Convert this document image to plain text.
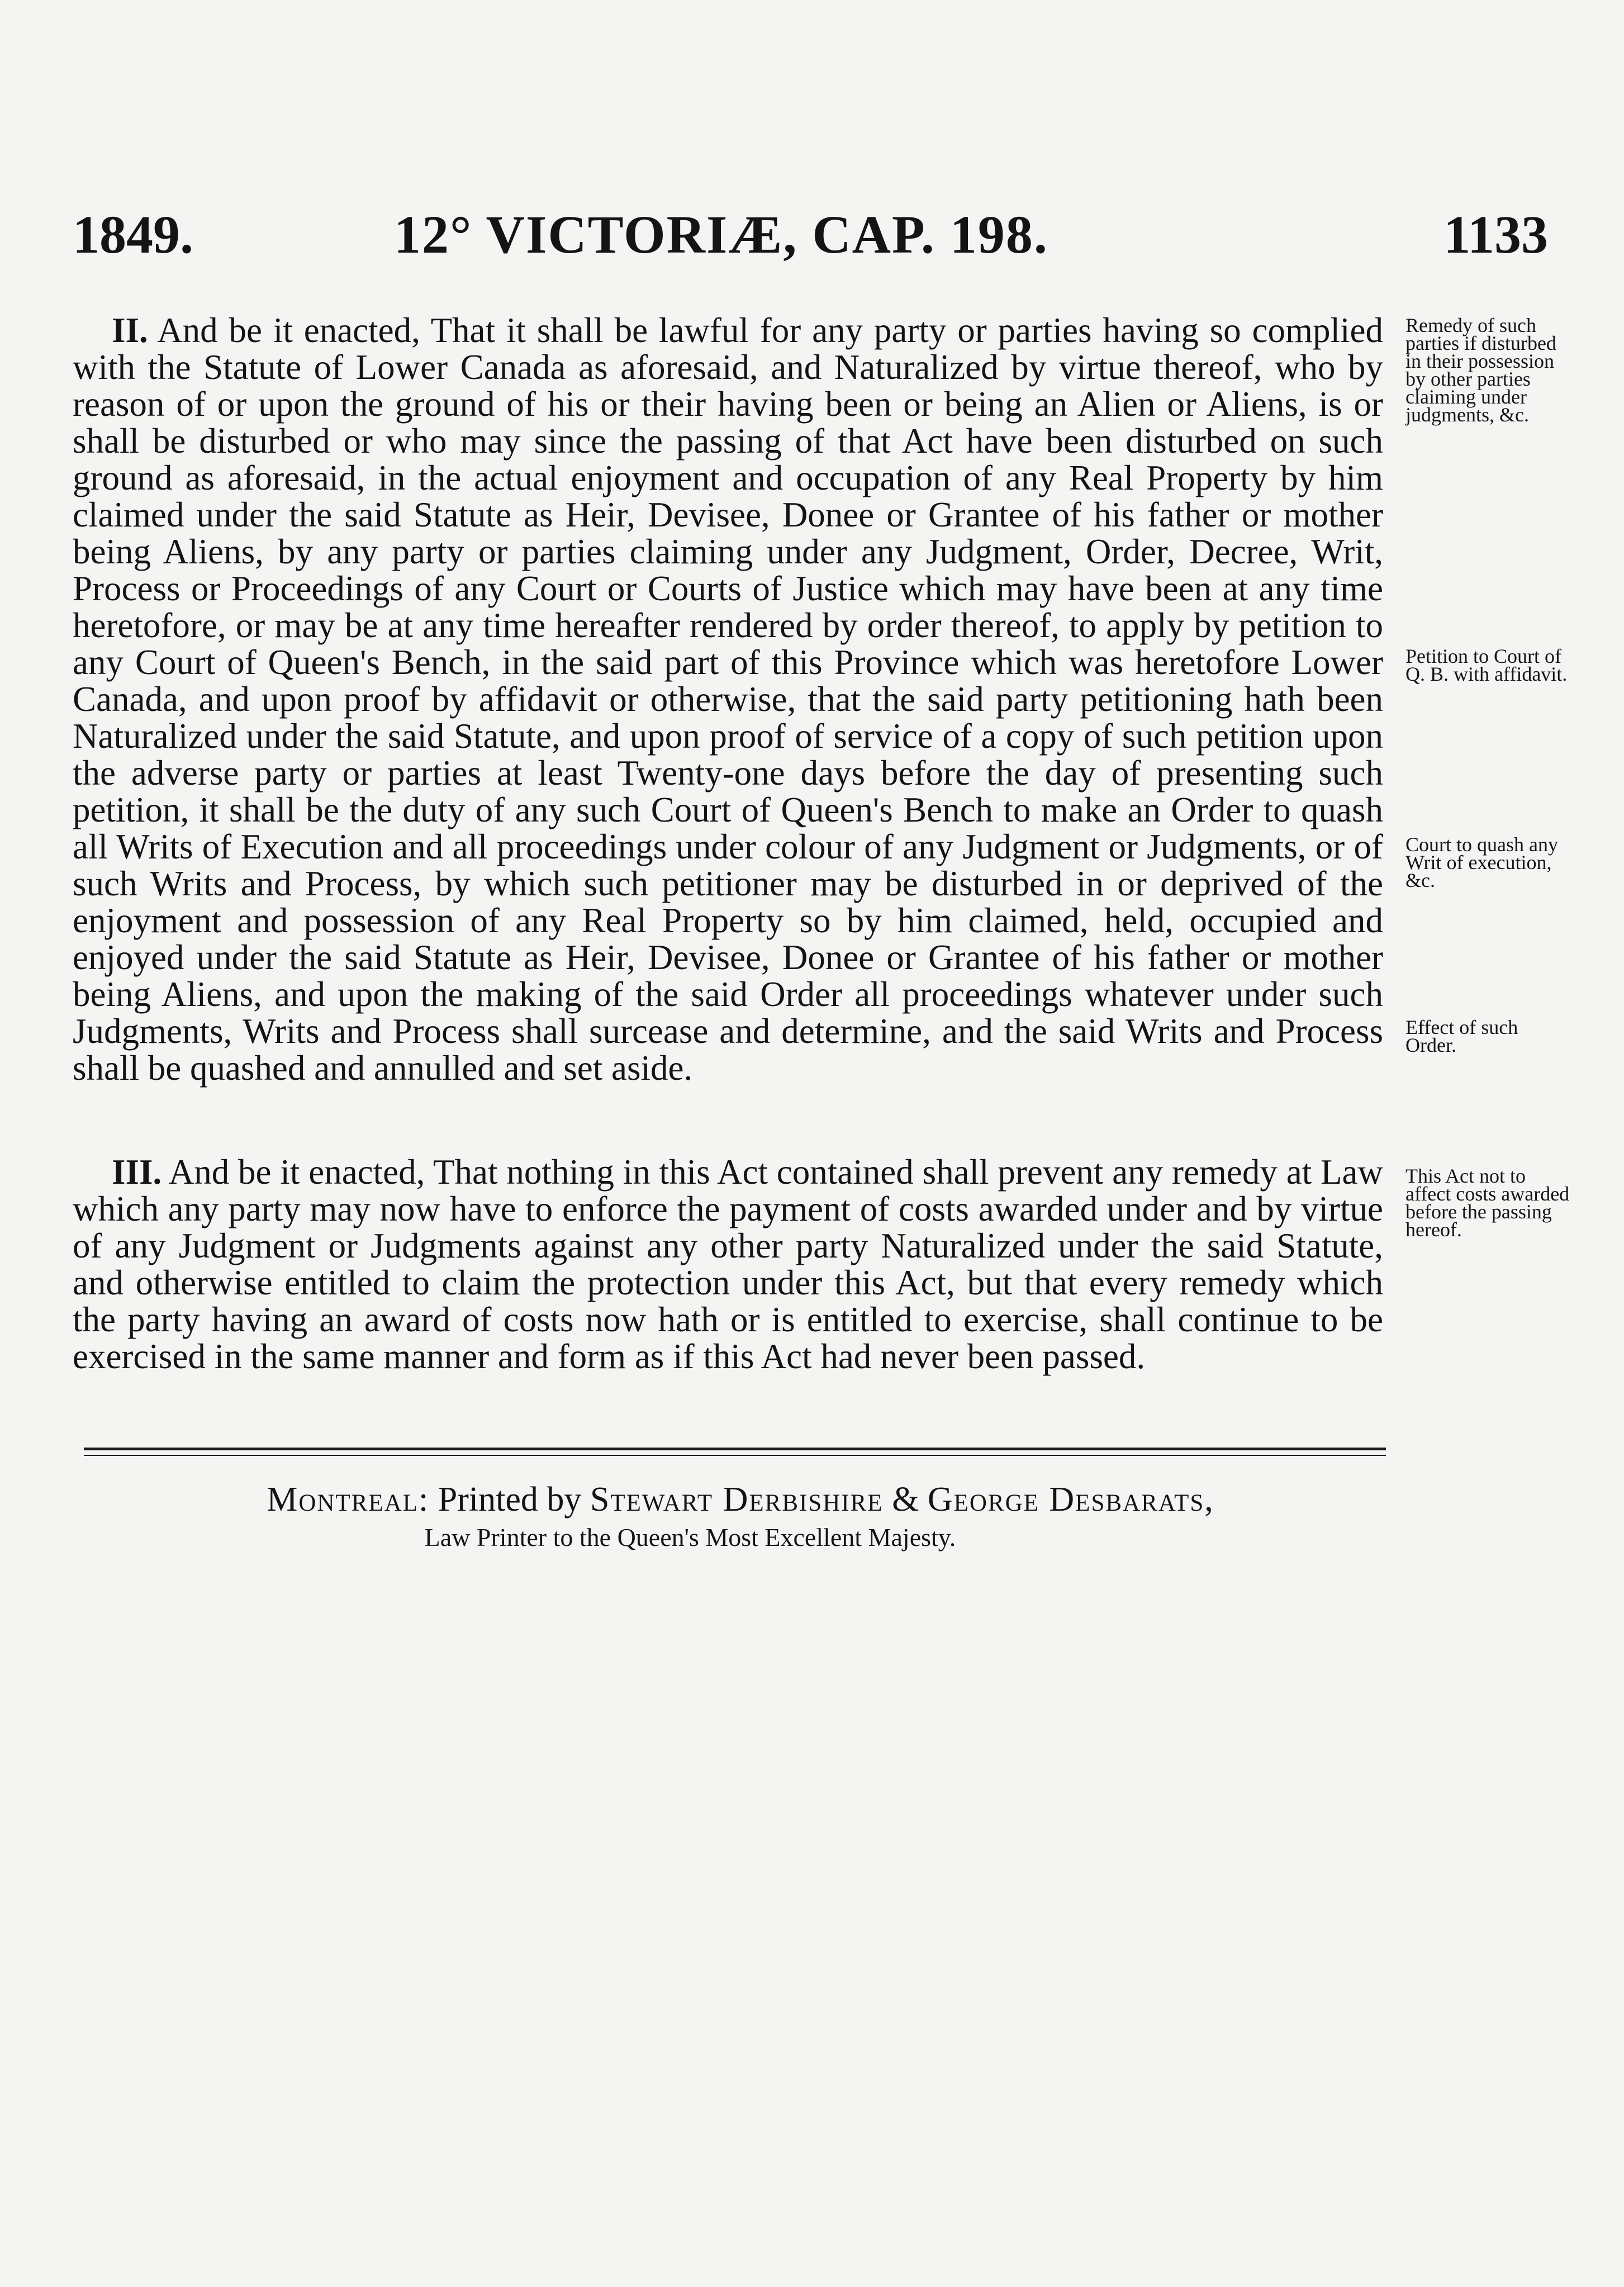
1849.	12° VICTORIÆ, CAP. 198.	1133

II. And be it enacted, That it shall be lawful for any party or parties having so complied with the Statute of Lower Canada as aforesaid, and Naturalized by virtue thereof, who by reason of or upon the ground of his or their having been or being an Alien or Aliens, is or shall be disturbed or who may since the passing of that Act have been disturbed on such ground as aforesaid, in the actual enjoyment and occupation of any Real Property by him claimed under the said Statute as Heir, Devisee, Donee or Grantee of his father or mother being Aliens, by any party or parties claiming under any Judgment, Order, Decree, Writ, Process or Proceedings of any Court or Courts of Justice which may have been at any time heretofore, or may be at any time hereafter rendered by order thereof, to apply by petition to any Court of Queen's Bench, in the said part of this Province which was heretofore Lower Canada, and upon proof by affidavit or otherwise, that the said party petitioning hath been Naturalized under the said Statute, and upon proof of service of a copy of such petition upon the adverse party or parties at least Twenty-one days before the day of presenting such petition, it shall be the duty of any such Court of Queen's Bench to make an Order to quash all Writs of Execution and all proceedings under colour of any Judgment or Judgments, or of such Writs and Process, by which such petitioner may be disturbed in or deprived of the enjoyment and possession of any Real Property so by him claimed, held, occupied and enjoyed under the said Statute as Heir, Devisee, Donee or Grantee of his father or mother being Aliens, and upon the making of the said Order all proceedings whatever under such Judgments, Writs and Process shall surcease and determine, and the said Writs and Process shall be quashed and annulled and set aside.

III. And be it enacted, That nothing in this Act contained shall prevent any remedy at Law which any party may now have to enforce the payment of costs awarded under and by virtue of any Judgment or Judgments against any other party Naturalized under the said Statute, and otherwise entitled to claim the protection under this Act, but that every remedy which the party having an award of costs now hath or is entitled to exercise, shall continue to be exercised in the same manner and form as if this Act had never been passed.

Remedy of such parties if disturbed in their possession by other parties claiming under judgments, &c.

Petition to Court of Q. B. with affidavit.

Court to quash any Writ of execution, &c.

Effect of such Order.

This Act not to affect costs awarded before the passing hereof.

Montreal: Printed by Stewart Derbishire & George Desbarats,
Law Printer to the Queen's Most Excellent Majesty.
